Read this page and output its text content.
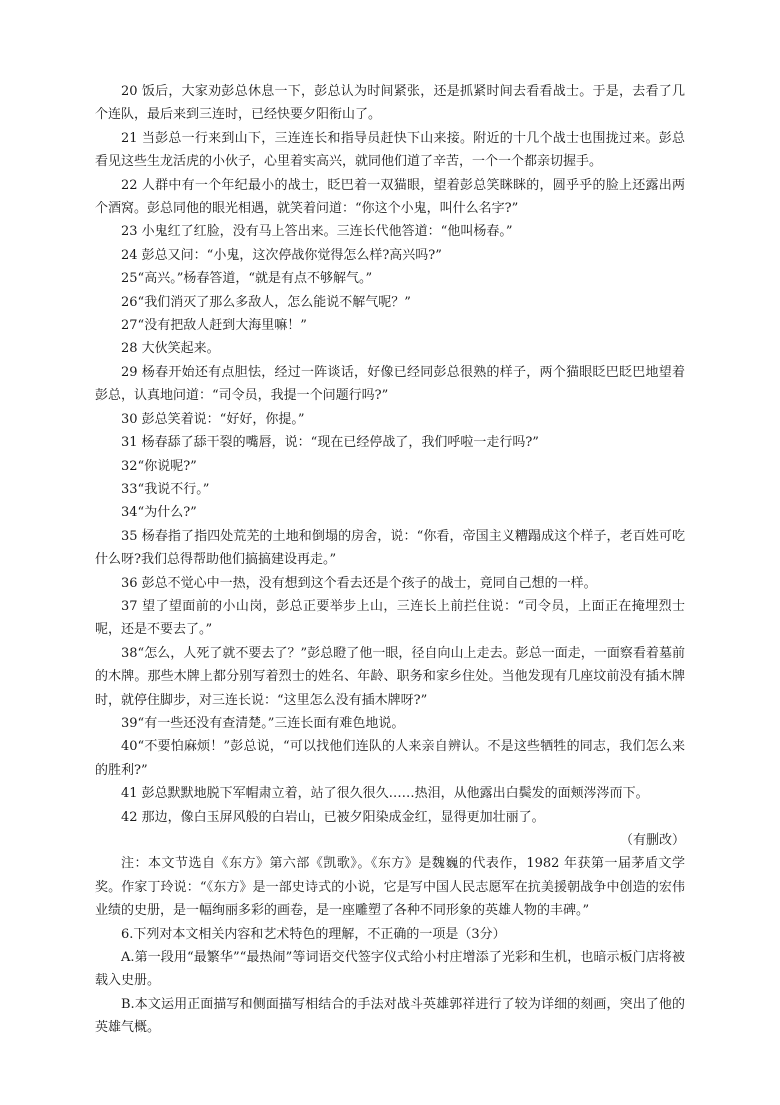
20 饭后，大家劝彭总休息一下，彭总认为时间紧张，还是抓紧时间去看看战士。于是，去看了几个连队，最后来到三连时，已经快要夕阳衔山了。

21 当彭总一行来到山下，三连连长和指导员赶快下山来接。附近的十几个战士也围拢过来。彭总看见这些生龙活虎的小伙子，心里着实高兴，就同他们道了辛苦，一个一个都亲切握手。

22 人群中有一个年纪最小的战士，眨巴着一双猫眼，望着彭总笑眯眯的，圆乎乎的脸上还露出两个酒窝。彭总同他的眼光相遇，就笑着问道：“你这个小鬼，叫什么名字?”

23 小鬼红了红脸，没有马上答出来。三连长代他答道：“他叫杨春。”

24 彭总又问：“小鬼，这次停战你觉得怎么样?高兴吗?”

25“高兴。”杨春答道，“就是有点不够解气。”

26“我们消灭了那么多敌人，怎么能说不解气呢？”

27“没有把敌人赶到大海里嘛！”

28 大伙笑起来。

29 杨春开始还有点胆怯，经过一阵谈话，好像已经同彭总很熟的样子，两个猫眼眨巴眨巴地望着彭总，认真地问道：“司令员，我提一个问题行吗?”

30 彭总笑着说：“好好，你提。”

31 杨春舔了舔干裂的嘴唇，说：“现在已经停战了，我们呼啦一走行吗?”

32“你说呢?”

33“我说不行。”

34“为什么?”

35 杨春指了指四处荒芜的土地和倒塌的房舍，说：“你看，帝国主义糟蹋成这个样子，老百姓可吃什么呀?我们总得帮助他们搞搞建设再走。”

36 彭总不觉心中一热，没有想到这个看去还是个孩子的战士，竟同自己想的一样。

37 望了望面前的小山岗，彭总正要举步上山，三连长上前拦住说：“司令员，上面正在掩埋烈士呢，还是不要去了。”

38“怎么，人死了就不要去了？”彭总瞪了他一眼，径自向山上走去。彭总一面走，一面察看着墓前的木牌。那些木牌上都分别写着烈士的姓名、年龄、职务和家乡住处。当他发现有几座坟前没有插木牌时，就停住脚步，对三连长说：“这里怎么没有插木牌呀?”

39“有一些还没有查清楚。”三连长面有难色地说。

40“不要怕麻烦！”彭总说，“可以找他们连队的人来亲自辨认。不是这些牺牲的同志，我们怎么来的胜利?”

41 彭总默默地脱下军帽肃立着，站了很久很久……热泪，从他露出白鬓发的面颊涔涔而下。

42 那边，像白玉屏风般的白岩山，已被夕阳染成金红，显得更加壮丽了。

（有删改）

注：本文节选自《东方》第六部《凯歌》。《东方》是魏巍的代表作，1982 年获第一届茅盾文学奖。作家丁玲说：“《东方》是一部史诗式的小说，它是写中国人民志愿军在抗美援朝战争中创造的宏伟业绩的史册，是一幅绚丽多彩的画卷，是一座雕塑了各种不同形象的英雄人物的丰碑。”

6.下列对本文相关内容和艺术特色的理解，不正确的一项是（3分）

A.第一段用“最繁华”“最热闹”等词语交代签字仪式给小村庄增添了光彩和生机，也暗示板门店将被载入史册。

B.本文运用正面描写和侧面描写相结合的手法对战斗英雄郭祥进行了较为详细的刻画，突出了他的英雄气概。
